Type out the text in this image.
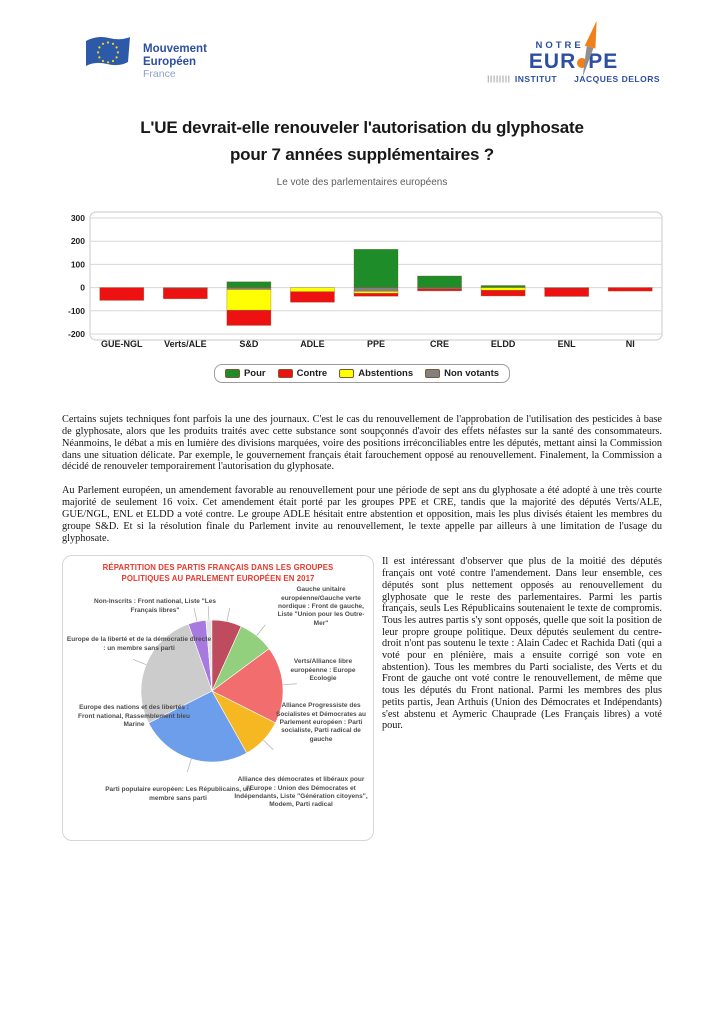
Mouvement
Européen
France
NOTRE
EUR PE
|||||||| INSTITUT JACQUES DELORS
L'UE devrait-elle renouveler l'autorisation du glyphosate
pour 7 années supplémentaires ?
Le vote des parlementaires européens
300
200
100
0
-100
-200
GUE-NGL Verts/ALE	S&D	ADLE	PPE	CRE	ELDD	ENL	NI
Pour	Contre	Abstentions	Non votants

Certains sujets techniques font parfois la une des journaux. C'est le cas du renouvellement de l'approbation de l'utilisation des pesticides à base de glyphosate, alors que les produits traités avec cette substance sont soupçonnés d'avoir des effets néfastes sur la santé des consommateurs. Néanmoins, le débat a mis en lumière des divisions marquées, voire des positions irréconciliables entre les députés, mettant ainsi la Commission dans une situation délicate. Par exemple, le gouvernement français était farouchement opposé au renouvellement. Finalement, la Commission a décidé de renouveler temporairement l'autorisation du glyphosate.

Au Parlement européen, un amendement favorable au renouvellement pour une période de sept ans du glyphosate a été adopté à une très courte majorité de seulement 16 voix. Cet amendement était porté par les groupes PPE et CRE, tandis que la majorité des députés Verts/ALE, GUE/NGL, ENL et ELDD a voté contre. Le groupe ADLE hésitait entre abstention et opposition, mais les plus divisés étaient les membres du groupe S&D. Et si la résolution finale du Parlement invite au renouvellement, le texte appelle par ailleurs à une limitation de l'usage du glyphosate.

RÉPARTITION DES PARTIS FRANÇAIS DANS LES GROUPES POLITIQUES AU PARLEMENT EUROPÉEN EN 2017
Non-Inscrits : Front national, Liste "Les Français libres"
Europe de la liberté et de la démocratie directe : un membre sans parti
Gauche unitaire européenne/Gauche verte nordique : Front de gauche, Liste "Union pour les Outre-Mer"
Verts/Alliance libre européenne : Europe Ecologie
Alliance Progressiste des Socialistes et Démocrates au Parlement européen : Parti socialiste, Parti radical de gauche
Alliance des démocrates et libéraux pour l'Europe : Union des Démocrates et Indépendants, Liste "Génération citoyens", Modem, Parti radical
Parti populaire européen: Les Républicains, un membre sans parti
Europe des nations et des libertés : Front national, Rassemblement bleu Marine
Il est intéressant d'observer que plus de la moitié des députés français ont voté contre l'amendement. Dans leur ensemble, ces députés sont plus nettement opposés au renouvellement du glyphosate que le reste des parlementaires. Parmi les partis français, seuls Les Républicains soutenaient le texte de compromis. Tous les autres partis s'y sont opposés, quelle que soit la position de leur propre groupe politique. Deux députés seulement du centre-droit n'ont pas soutenu le texte : Alain Cadec et Rachida Dati (qui a voté pour en plénière, mais a ensuite corrigé son vote en abstention). Tous les membres du Parti socialiste, des Verts et du Front de gauche ont voté contre le renouvellement, de même que tous les députés du Front national. Parmi les membres des plus petits partis, Jean Arthuis (Union des Démocrates et Indépendants) s'est abstenu et Aymeric Chauprade (Les Français libres) a voté pour.
